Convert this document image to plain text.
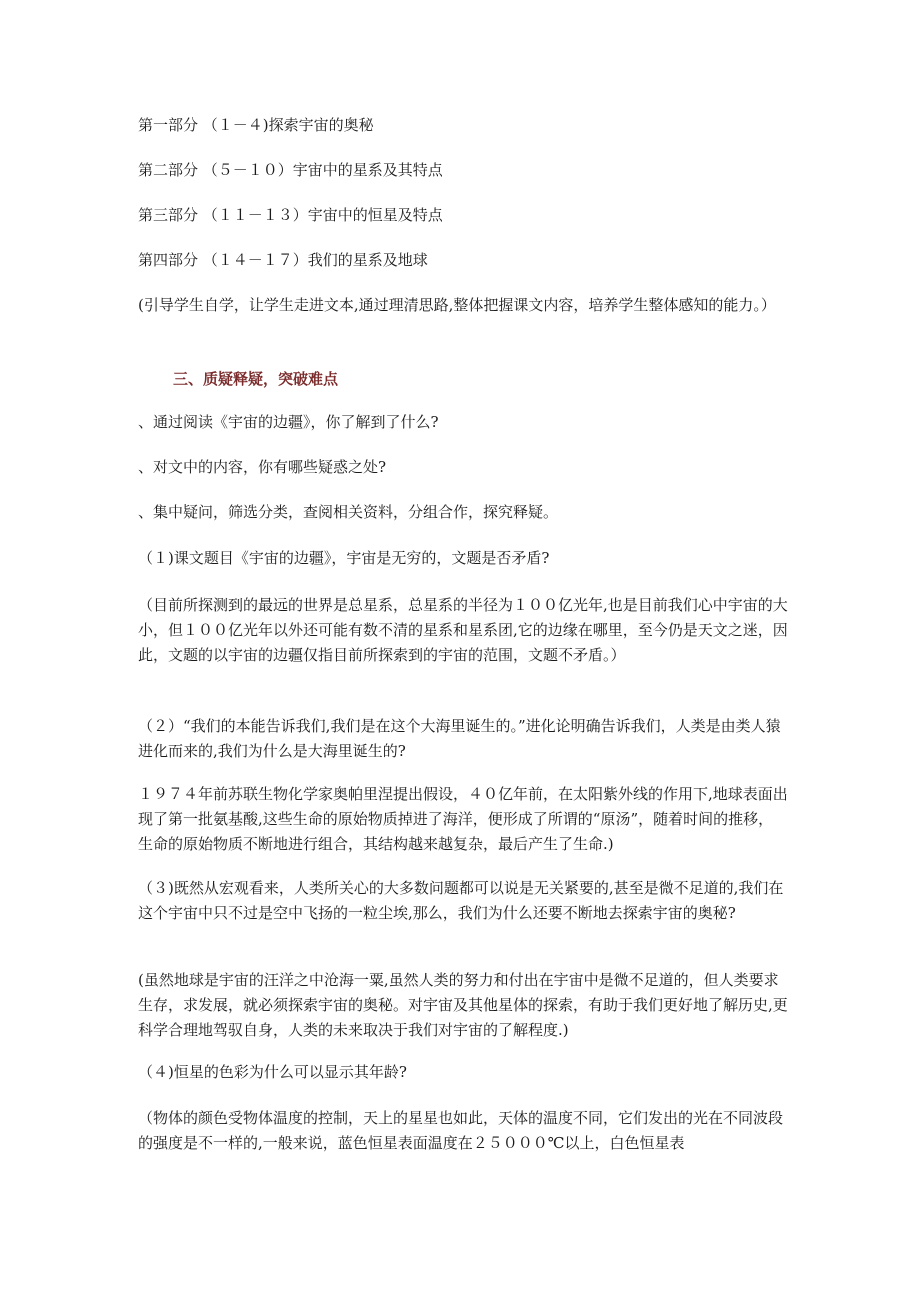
第一部分 （１－４)探索宇宙的奥秘

第二部分 （５－１０）宇宙中的星系及其特点

第三部分 （１１－１３）宇宙中的恒星及特点

第四部分 （１４－１７）我们的星系及地球

(引导学生自学，让学生走进文本,通过理清思路,整体把握课文内容，培养学生整体感知的能力。）

三、质疑释疑，突破难点

、通过阅读《宇宙的边疆》，你了解到了什么?

、对文中的内容，你有哪些疑惑之处?

、集中疑问，筛选分类，查阅相关资料，分组合作，探究释疑。

（１)课文题目《宇宙的边疆》，宇宙是无穷的，文题是否矛盾?

（目前所探测到的最远的世界是总星系，总星系的半径为１００亿光年,也是目前我们心中宇宙的大小，但１００亿光年以外还可能有数不清的星系和星系团,它的边缘在哪里，至今仍是天文之迷，因此，文题的以宇宙的边疆仅指目前所探索到的宇宙的范围，文题不矛盾。）

（２）“我们的本能告诉我们,我们是在这个大海里诞生的。”进化论明确告诉我们，人类是由类人猿进化而来的,我们为什么是大海里诞生的?

１９７４年前苏联生物化学家奥帕里涅提出假设，４０亿年前，在太阳紫外线的作用下,地球表面出现了第一批氨基酸,这些生命的原始物质掉进了海洋，便形成了所谓的“原汤”，随着时间的推移，生命的原始物质不断地进行组合，其结构越来越复杂，最后产生了生命.)

（３)既然从宏观看来，人类所关心的大多数问题都可以说是无关紧要的,甚至是微不足道的,我们在这个宇宙中只不过是空中飞扬的一粒尘埃,那么，我们为什么还要不断地去探索宇宙的奥秘?

(虽然地球是宇宙的汪洋之中沧海一粟,虽然人类的努力和付出在宇宙中是微不足道的，但人类要求生存，求发展，就必须探索宇宙的奥秘。对宇宙及其他星体的探索，有助于我们更好地了解历史,更科学合理地驾驭自身，人类的未来取决于我们对宇宙的了解程度.)

（４)恒星的色彩为什么可以显示其年龄?

（物体的颜色受物体温度的控制，天上的星星也如此，天体的温度不同，它们发出的光在不同波段的强度是不一样的,一般来说，蓝色恒星表面温度在２５０００℃以上，白色恒星表
